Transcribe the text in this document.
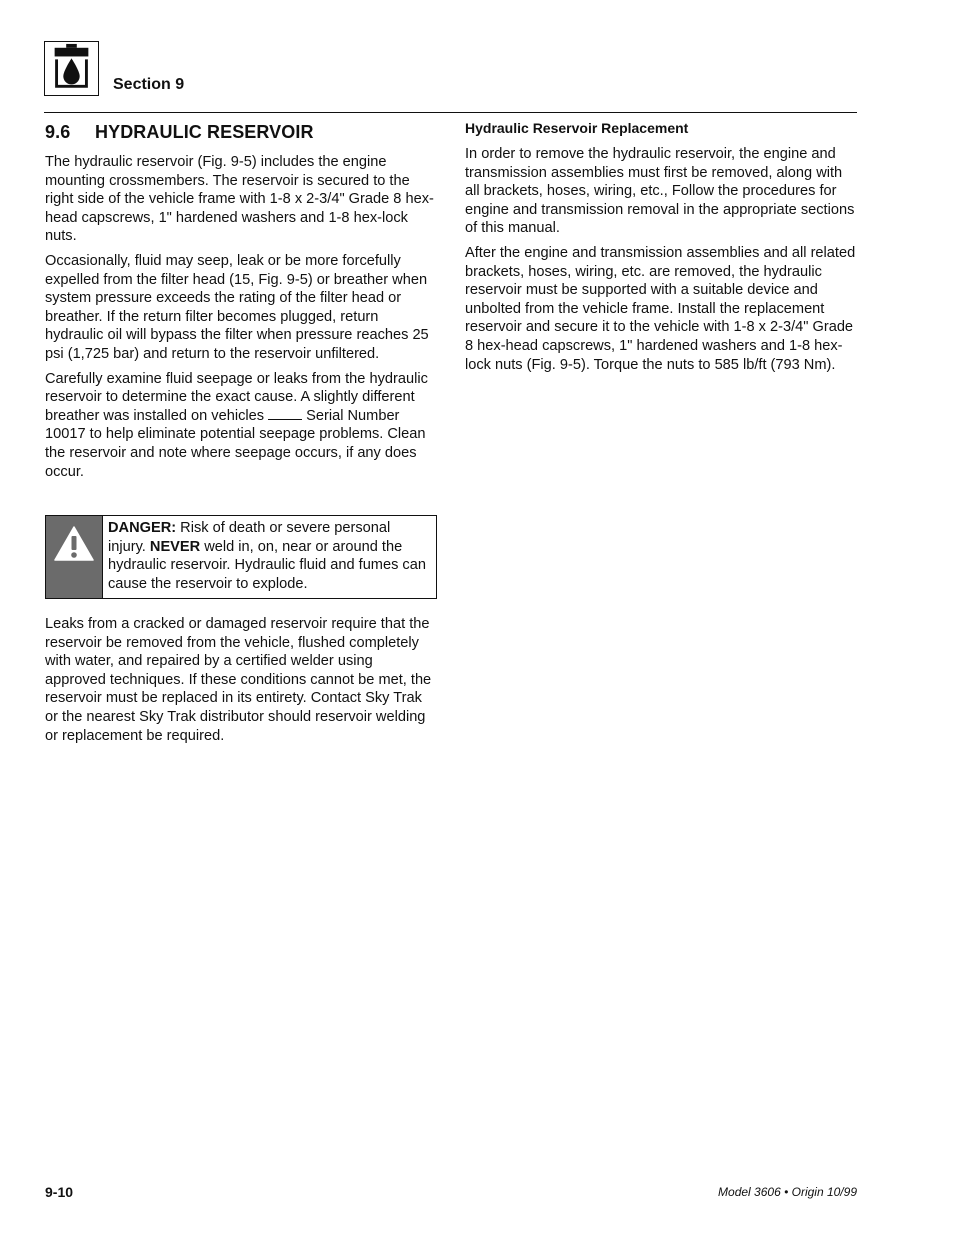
Section 9
9.6 HYDRAULIC RESERVOIR

The hydraulic reservoir (Fig. 9-5) includes the engine mounting crossmembers. The reservoir is secured to the right side of the vehicle frame with 1-8 x 2-3/4" Grade 8 hex-head capscrews, 1" hardened washers and 1-8 hex-lock nuts.

Occasionally, fluid may seep, leak or be more forcefully expelled from the filter head (15, Fig. 9-5) or breather when system pressure exceeds the rating of the filter head or breather. If the return filter becomes plugged, return hydraulic oil will bypass the filter when pressure reaches 25 psi (1,725 bar) and return to the reservoir unfiltered.

Carefully examine fluid seepage or leaks from the hydraulic reservoir to determine the exact cause. A slightly different breather was installed on vehicles  Serial Number 10017 to help eliminate potential seepage problems. Clean the reservoir and note where seepage occurs, if any does occur.

DANGER: Risk of death or severe personal injury. NEVER weld in, on, near or around the hydraulic reservoir. Hydraulic fluid and fumes can cause the reservoir to explode.

Leaks from a cracked or damaged reservoir require that the reservoir be removed from the vehicle, flushed completely with water, and repaired by a certified welder using approved techniques. If these conditions cannot be met, the reservoir must be replaced in its entirety. Contact Sky Trak or the nearest Sky Trak distributor should reservoir welding or replacement be required.

Hydraulic Reservoir Replacement

In order to remove the hydraulic reservoir, the engine and transmission assemblies must first be removed, along with all brackets, hoses, wiring, etc., Follow the procedures for engine and transmission removal in the appropriate sections of this manual.

After the engine and transmission assemblies and all related brackets, hoses, wiring, etc. are removed, the hydraulic reservoir must be supported with a suitable device and unbolted from the vehicle frame. Install the replacement reservoir and secure it to the vehicle with 1-8 x 2-3/4" Grade 8 hex-head capscrews, 1" hardened washers and 1-8 hex-lock nuts (Fig. 9-5). Torque the nuts to 585 lb/ft (793 Nm).

9-10	Model 3606 • Origin 10/99
